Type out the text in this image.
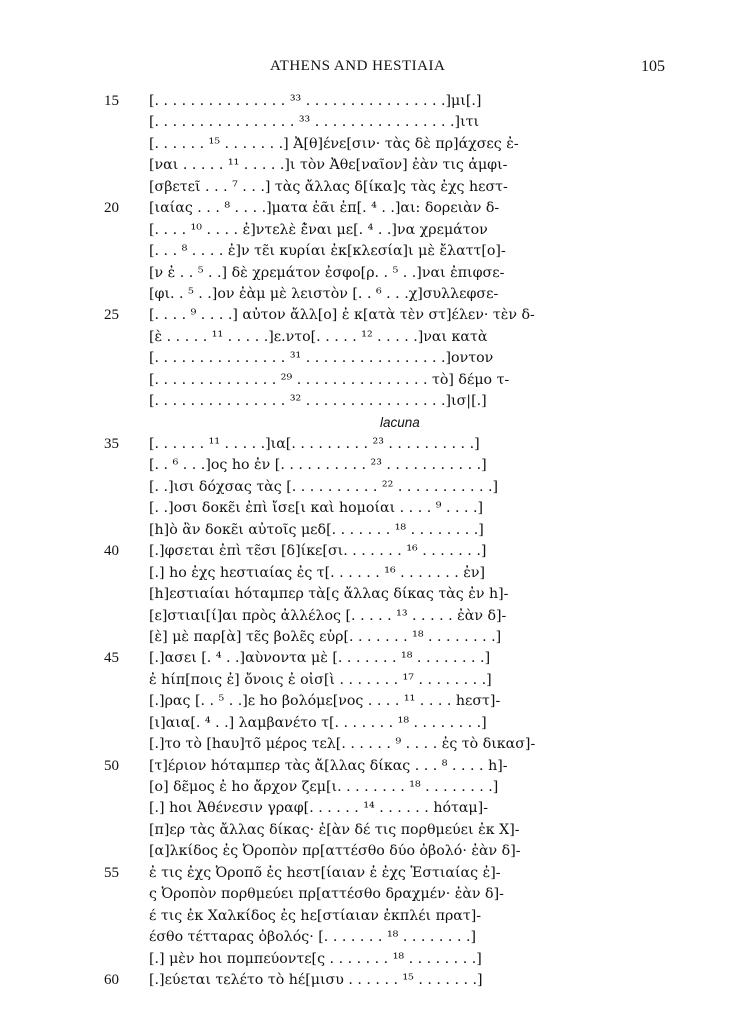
ATHENS AND HESTIAIA	105
15	[. . . . . . . . . . . . . . . ³³ . . . . . . . . . . . . . . . .]μι[.]
[. . . . . . . . . . . . . . . . ³³ . . . . . . . . . . . . . . . .]ιτι
[. . . . . . ¹⁵ . . . . . . .] Ἀ[θ]ένε[σιν· τὰς δὲ πρ]άχσες ἐ-
[ναι . . . . . ¹¹ . . . . .]ι τὸν Ἀθε[ναῖον] ἐὰν τις ἀμφι-
[σβετεῖ . . . ⁷ . . .] τὰς ἄλλας δ[ίκα]ς τὰς ἐχς hεστ-
20	[ιαίας . . . ⁸ . . . .]ματα ἐᾶι ἐπ[. ⁴ . .]αι: δορειὰν δ-
[. . . . ¹⁰ . . . . ἐ]ντελὲ ἐ̃ναι με[. ⁴ . .]να χρεμάτον
[. . . ⁸ . . . . ἐ]ν τε̃ι κυρίαι ἐκ[κλεσία]ι μὲ ἔλαττ[ο]-
[ν ἐ . . ⁵ . .] δὲ χρεμάτον ἐσφο[ρ. . ⁵ . .]ναι ἐπιφσε-
[φι. . ⁵ . .]ον ἐὰμ μὲ λειστὸν [. . ⁶ . . .χ]συλλεφσε-
25	[. . . . ⁹ . . . .] αὐτον ἄλλ[ο] ἐ κ[ατὰ τὲν στ]έλεν· τὲν δ-
[ὲ . . . . . ¹¹ . . . . .]ε.ντο[. . . . . ¹² . . . . .]ναι κατὰ
[. . . . . . . . . . . . . . . ³¹ . . . . . . . . . . . . . . . .]οντον
[. . . . . . . . . . . . . . ²⁹ . . . . . . . . . . . . . . . τὸ] δέμο τ-
[. . . . . . . . . . . . . . . ³² . . . . . . . . . . . . . . . .]ισ|[.]
lacuna
35	[. . . . . . ¹¹ . . . . .]ια[. . . . . . . . . ²³ . . . . . . . . . .]
[. . ⁶ . . .]ος ho ἐν [. . . . . . . . . . ²³ . . . . . . . . . . .]
[. .]ισι δόχσας τὰς [. . . . . . . . . . ²² . . . . . . . . . . .]
[. .]οσι δοκε̃ι ἐπὶ ἴσε[ι καὶ hομοίαι . . . . ⁹ . . . .]
[h]ὸ ἂν δοκε̃ι αὐτοῖς μεδ[. . . . . . . ¹⁸ . . . . . . . .]
40	[.]φσεται ἐπὶ τε̃σι [δ]ίκε[σι. . . . . . . ¹⁶ . . . . . . .]
[.] ho ἐχς hεστιαίας ἐς τ[. . . . . . ¹⁶ . . . . . . . ἐν]
[h]εστιαίαι hόταμπερ τὰ[ς ἄλλας δίκας τὰς ἐν h]-
[ε]στιαι[ί]αι πρὸς ἀλλέλος [. . . . . ¹³ . . . . . ἐὰν δ]-
[ὲ] μὲ παρ[ὰ] τε̃ς βολε̃ς εὑρ[. . . . . . . ¹⁸ . . . . . . . .]
45	[.]ασει [. ⁴ . .]αὺνοντα μὲ [. . . . . . . ¹⁸ . . . . . . . .]
ἐ hίπ[ποις ἐ] ὄνοις ἐ οἰσ[ὶ . . . . . . . ¹⁷ . . . . . . . .]
[.]ρας [. . ⁵ . .]ε ho βολόμε[νος . . . . ¹¹ . . . . hεστ]-
[ι]αια[. ⁴ . .] λαμβανέτο τ[. . . . . . . ¹⁸ . . . . . . . .]
[.]το τὸ [hαυ]το̃ μέρος τελ[. . . . . . ⁹ . . . . ἐς τὸ δικασ]-
50	[τ]έριον hόταμπερ τὰς ἄ[λλας δίκας . . . ⁸ . . . . h]-
[ο] δε̃μος ἐ ho ἄρχον ζεμ[ι. . . . . . . . ¹⁸ . . . . . . . .]
[.] hοι Ἀθένεσιν γραφ[. . . . . . ¹⁴ . . . . . . hόταμ]-
[π]ερ τὰς ἄλλας δίκας· ἐ[ὰν δέ τις πορθμεύει ἐκ Χ]-
[α]λκίδος ἐς Ὀροπὸν πρ[αττέσθο δύο ὀβολό· ἐὰν δ]-
55	ἐ τις ἐχς Ὀροπο̃ ἐς hεστ[ίαιαν ἐ ἐχς Ἑστιαίας ἐ]-
ς Ὀροπὸν πορθμεύει πρ[αττέσθο δραχμέν· ἐὰν δ]-
έ τις ἐκ Χαλκίδος ἐς hε[στίαιαν ἐκπλέι πρατ]-
έσθο τέτταρας ὀβολός· [. . . . . . . ¹⁸ . . . . . . . .]
[.] μὲν hοι πομπεύοντε[ς . . . . . . . ¹⁸ . . . . . . . .]
60	[.]εύεται τελέτο τὸ hέ[μισυ . . . . . . ¹⁵ . . . . . . .]
